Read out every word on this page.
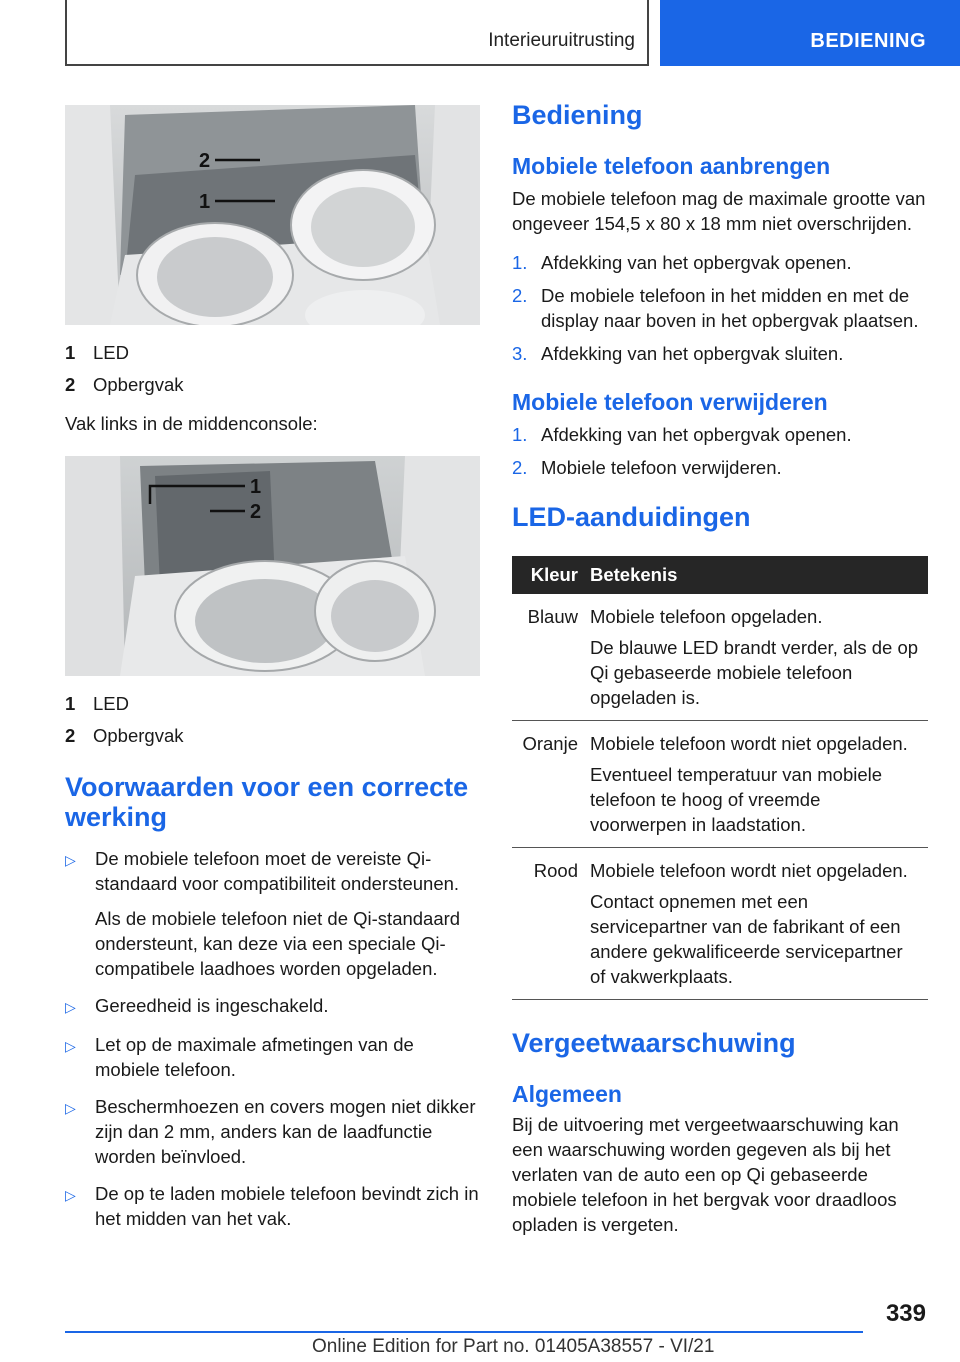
Interieuruitrusting	BEDIENING
2
1
1 LED
2 Opbergvak

Vak links in de middenconsole:

1
2
1 LED
2 Opbergvak
Voorwaarden voor een correcte werking
▷	De mobiele telefoon moet de vereiste Qi-standaard voor compatibiliteit ondersteunen.

Als de mobiele telefoon niet de Qi-standaard ondersteunt, kan deze via een speciale Qi-compatibele laadhoes worden opgeladen.

▷	Gereedheid is ingeschakeld.

▷	Let op de maximale afmetingen van de mobiele telefoon.

▷	Beschermhoezen en covers mogen niet dikker zijn dan 2 mm, anders kan de laadfunctie worden beïnvloed.

▷	De op te laden mobiele telefoon bevindt zich in het midden van het vak.

Bediening
Mobiele telefoon aanbrengen

De mobiele telefoon mag de maximale grootte van ongeveer 154,5 x 80 x 18 mm niet overschrijden.

1. Afdekking van het opbergvak openen.
2. De mobiele telefoon in het midden en met de display naar boven in het opbergvak plaatsen.
3. Afdekking van het opbergvak sluiten.
Mobiele telefoon verwijderen
1. Afdekking van het opbergvak openen.
2. Mobiele telefoon verwijderen.
LED-aanduidingen
Kleur	Betekenis
Blauw	Mobiele telefoon opgeladen.

De blauwe LED brandt verder, als de op Qi gebaseerde mobiele telefoon opgeladen is.

Oranje	Mobiele telefoon wordt niet opgeladen.

Eventueel temperatuur van mobiele telefoon te hoog of vreemde voorwerpen in laadstation.

Rood	Mobiele telefoon wordt niet opgeladen.

Contact opnemen met een servicepartner van de fabrikant of een andere gekwalificeerde servicepartner of vakwerkplaats.

Vergeetwaarschuwing
Algemeen

Bij de uitvoering met vergeetwaarschuwing kan een waarschuwing worden gegeven als bij het verlaten van de auto een op Qi gebaseerde mobiele telefoon in het bergvak voor draadloos opladen is vergeten.

339
Online Edition for Part no. 01405A38557 - VI/21
